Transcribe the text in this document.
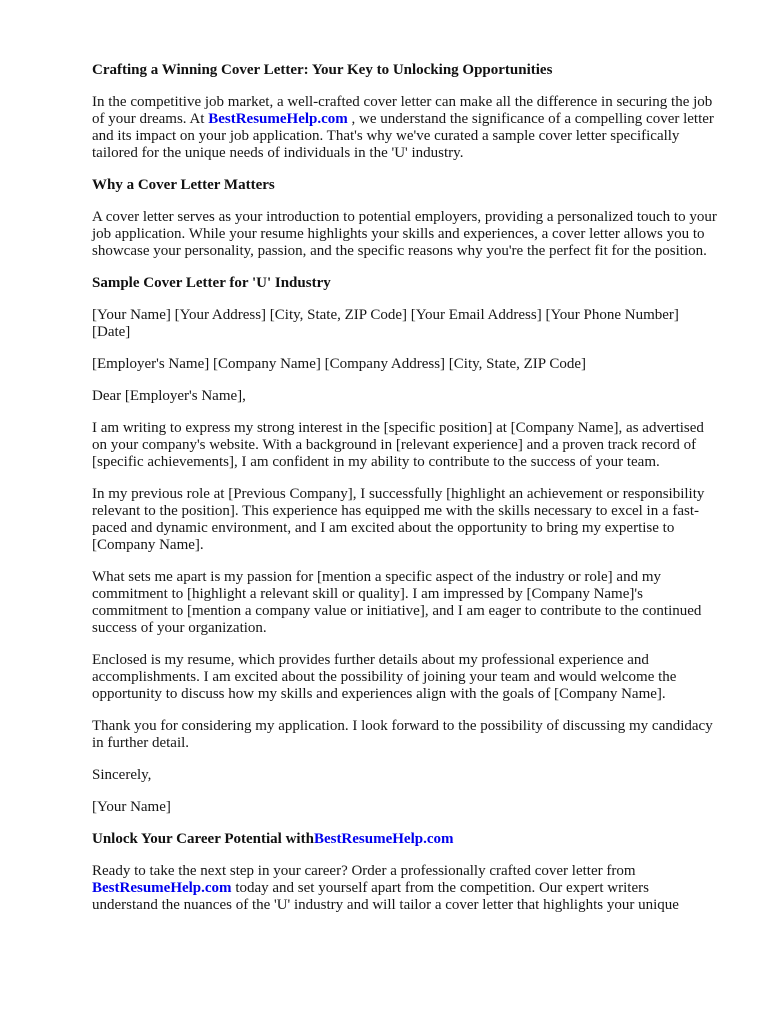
Crafting a Winning Cover Letter: Your Key to Unlocking Opportunities

In the competitive job market, a well-crafted cover letter can make all the difference in securing the job of your dreams. At BestResumeHelp.com , we understand the significance of a compelling cover letter and its impact on your job application. That's why we've curated a sample cover letter specifically tailored for the unique needs of individuals in the 'U' industry.

Why a Cover Letter Matters

A cover letter serves as your introduction to potential employers, providing a personalized touch to your job application. While your resume highlights your skills and experiences, a cover letter allows you to showcase your personality, passion, and the specific reasons why you're the perfect fit for the position.

Sample Cover Letter for 'U' Industry

[Your Name] [Your Address] [City, State, ZIP Code] [Your Email Address] [Your Phone Number] [Date]

[Employer's Name] [Company Name] [Company Address] [City, State, ZIP Code]

Dear [Employer's Name],

I am writing to express my strong interest in the [specific position] at [Company Name], as advertised on your company's website. With a background in [relevant experience] and a proven track record of [specific achievements], I am confident in my ability to contribute to the success of your team.

In my previous role at [Previous Company], I successfully [highlight an achievement or responsibility relevant to the position]. This experience has equipped me with the skills necessary to excel in a fast-paced and dynamic environment, and I am excited about the opportunity to bring my expertise to [Company Name].

What sets me apart is my passion for [mention a specific aspect of the industry or role] and my commitment to [highlight a relevant skill or quality]. I am impressed by [Company Name]'s commitment to [mention a company value or initiative], and I am eager to contribute to the continued success of your organization.

Enclosed is my resume, which provides further details about my professional experience and accomplishments. I am excited about the possibility of joining your team and would welcome the opportunity to discuss how my skills and experiences align with the goals of [Company Name].

Thank you for considering my application. I look forward to the possibility of discussing my candidacy in further detail.

Sincerely,

[Your Name]

Unlock Your Career Potential withBestResumeHelp.com

Ready to take the next step in your career? Order a professionally crafted cover letter from BestResumeHelp.com today and set yourself apart from the competition. Our expert writers understand the nuances of the 'U' industry and will tailor a cover letter that highlights your unique
